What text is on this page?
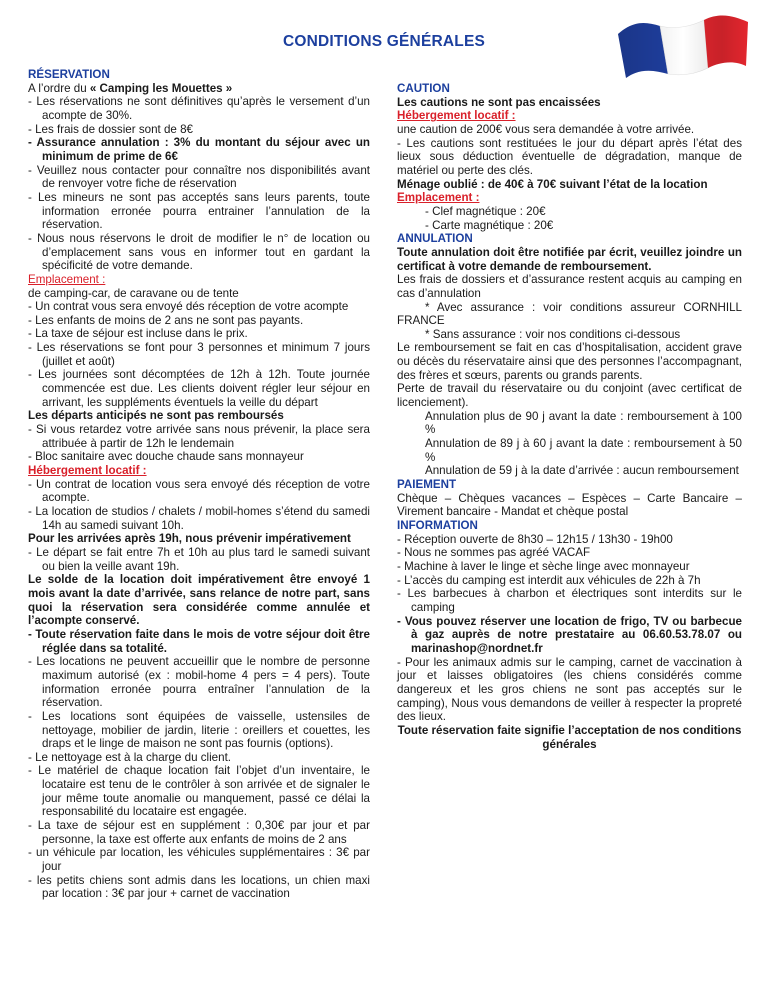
CONDITIONS GÉNÉRALES

RÉSERVATION

A l’ordre du « Camping les Mouettes »

- Les réservations ne sont définitives qu’après le versement d’un acompte de 30%.

- Les frais de dossier sont de 8€

- Assurance annulation : 3% du montant du séjour avec un minimum de prime de 6€

- Veuillez nous contacter pour connaître nos disponibilités avant de renvoyer votre fiche de réservation

- Les mineurs ne sont pas acceptés sans leurs parents, toute information erronée pourra entrainer l’annulation de la réservation.

- Nous nous réservons le droit de modifier le n° de location ou d’emplacement sans vous en informer tout en gardant la spécificité de votre demande.

Emplacement :

de camping-car, de caravane ou de tente

- Un contrat vous sera envoyé dés réception de votre acompte

- Les enfants de moins de 2 ans ne sont pas payants.

- La taxe de séjour est incluse dans le prix.

- Les réservations se font pour 3 personnes et minimum 7 jours (juillet et août)

- Les journées sont décomptées de 12h à 12h. Toute journée commencée est due. Les clients doivent régler leur séjour en arrivant, les suppléments éventuels la veille du départ

Les départs anticipés ne sont pas remboursés

- Si vous retardez votre arrivée sans nous prévenir, la place sera attribuée à partir de 12h le lendemain

- Bloc sanitaire avec douche chaude sans monnayeur

Hébergement locatif :

- Un contrat de location vous sera envoyé dés réception de votre acompte.

- La location de studios / chalets / mobil-homes s’étend du samedi 14h au samedi suivant 10h.

Pour les arrivées après 19h, nous prévenir impérativement

- Le départ se fait entre 7h et 10h au plus tard le samedi suivant ou bien la veille avant 19h.

Le solde de la location doit impérativement être envoyé 1 mois avant la date d’arrivée, sans relance de notre part, sans quoi la réservation sera considérée comme annulée et l’acompte conservé.

- Toute réservation faite dans le mois de votre séjour doit être réglée dans sa totalité.

- Les locations ne peuvent accueillir que le nombre de personne maximum autorisé (ex : mobil-home 4 pers = 4 pers). Toute information erronée pourra entraîner l’annulation de la réservation.

- Les locations sont équipées de vaisselle, ustensiles de nettoyage, mobilier de jardin, literie : oreillers et couettes, les draps et le linge de maison ne sont pas fournis (options).

- Le nettoyage est à la charge du client.

- Le matériel de chaque location fait l’objet d’un inventaire, le locataire est tenu de le contrôler à son arrivée et de signaler le jour même toute anomalie ou manquement, passé ce délai la responsabilité du locataire est engagée.

- La taxe de séjour est en supplément : 0,30€ par jour et par personne, la taxe est offerte aux enfants de moins de 2 ans

- un véhicule par location, les véhicules supplémentaires : 3€ par jour

- les petits chiens sont admis dans les locations, un chien maxi par location : 3€ par jour + carnet de vaccination

CAUTION

Les cautions ne sont pas encaissées

Hébergement locatif :

une caution de 200€ vous sera demandée à votre arrivée.

- Les cautions sont restituées le jour du départ après l’état des lieux sous déduction éventuelle de dégradation, manque de matériel ou perte des clés.

Ménage oublié : de 40€ à 70€ suivant l’état de la location

Emplacement :

- Clef magnétique : 20€

- Carte magnétique : 20€

ANNULATION

Toute annulation doit être notifiée par écrit, veuillez joindre un certificat à votre demande de remboursement.

Les frais de dossiers et d’assurance restent acquis au camping en cas d’annulation

* Avec assurance : voir conditions assureur CORNHILL FRANCE

* Sans assurance : voir nos conditions ci-dessous

Le remboursement se fait en cas d’hospitalisation, accident grave ou décès du réservataire ainsi que des personnes l’accompagnant, des frères et sœurs, parents ou grands parents.

Perte de travail du réservataire ou du conjoint (avec certificat de licenciement).

Annulation plus de 90 j avant la date : remboursement à 100 %

Annulation de 89 j à 60 j avant la date : remboursement à 50 %

Annulation de 59 j à la date d’arrivée : aucun remboursement

PAIEMENT

Chèque – Chèques vacances – Espèces – Carte Bancaire – Virement bancaire - Mandat et chèque postal

INFORMATION

- Réception ouverte de 8h30 – 12h15 / 13h30 - 19h00

- Nous ne sommes pas agréé VACAF

- Machine à laver le linge et sèche linge avec monnayeur

- L’accès du camping est interdit aux véhicules de 22h à 7h

- Les barbecues à charbon et électriques sont interdits sur le camping

- Vous pouvez réserver une location de frigo, TV ou barbecue à gaz auprès de notre prestataire au 06.60.53.78.07 ou marinashop@nordnet.fr

- Pour les animaux admis sur le camping, carnet de vaccination à jour et laisses obligatoires (les chiens considérés comme dangereux et les gros chiens ne sont pas acceptés sur le camping), Nous vous demandons de veiller à respecter la propreté des lieux.

Toute réservation faite signifie l’acceptation de nos conditions générales
